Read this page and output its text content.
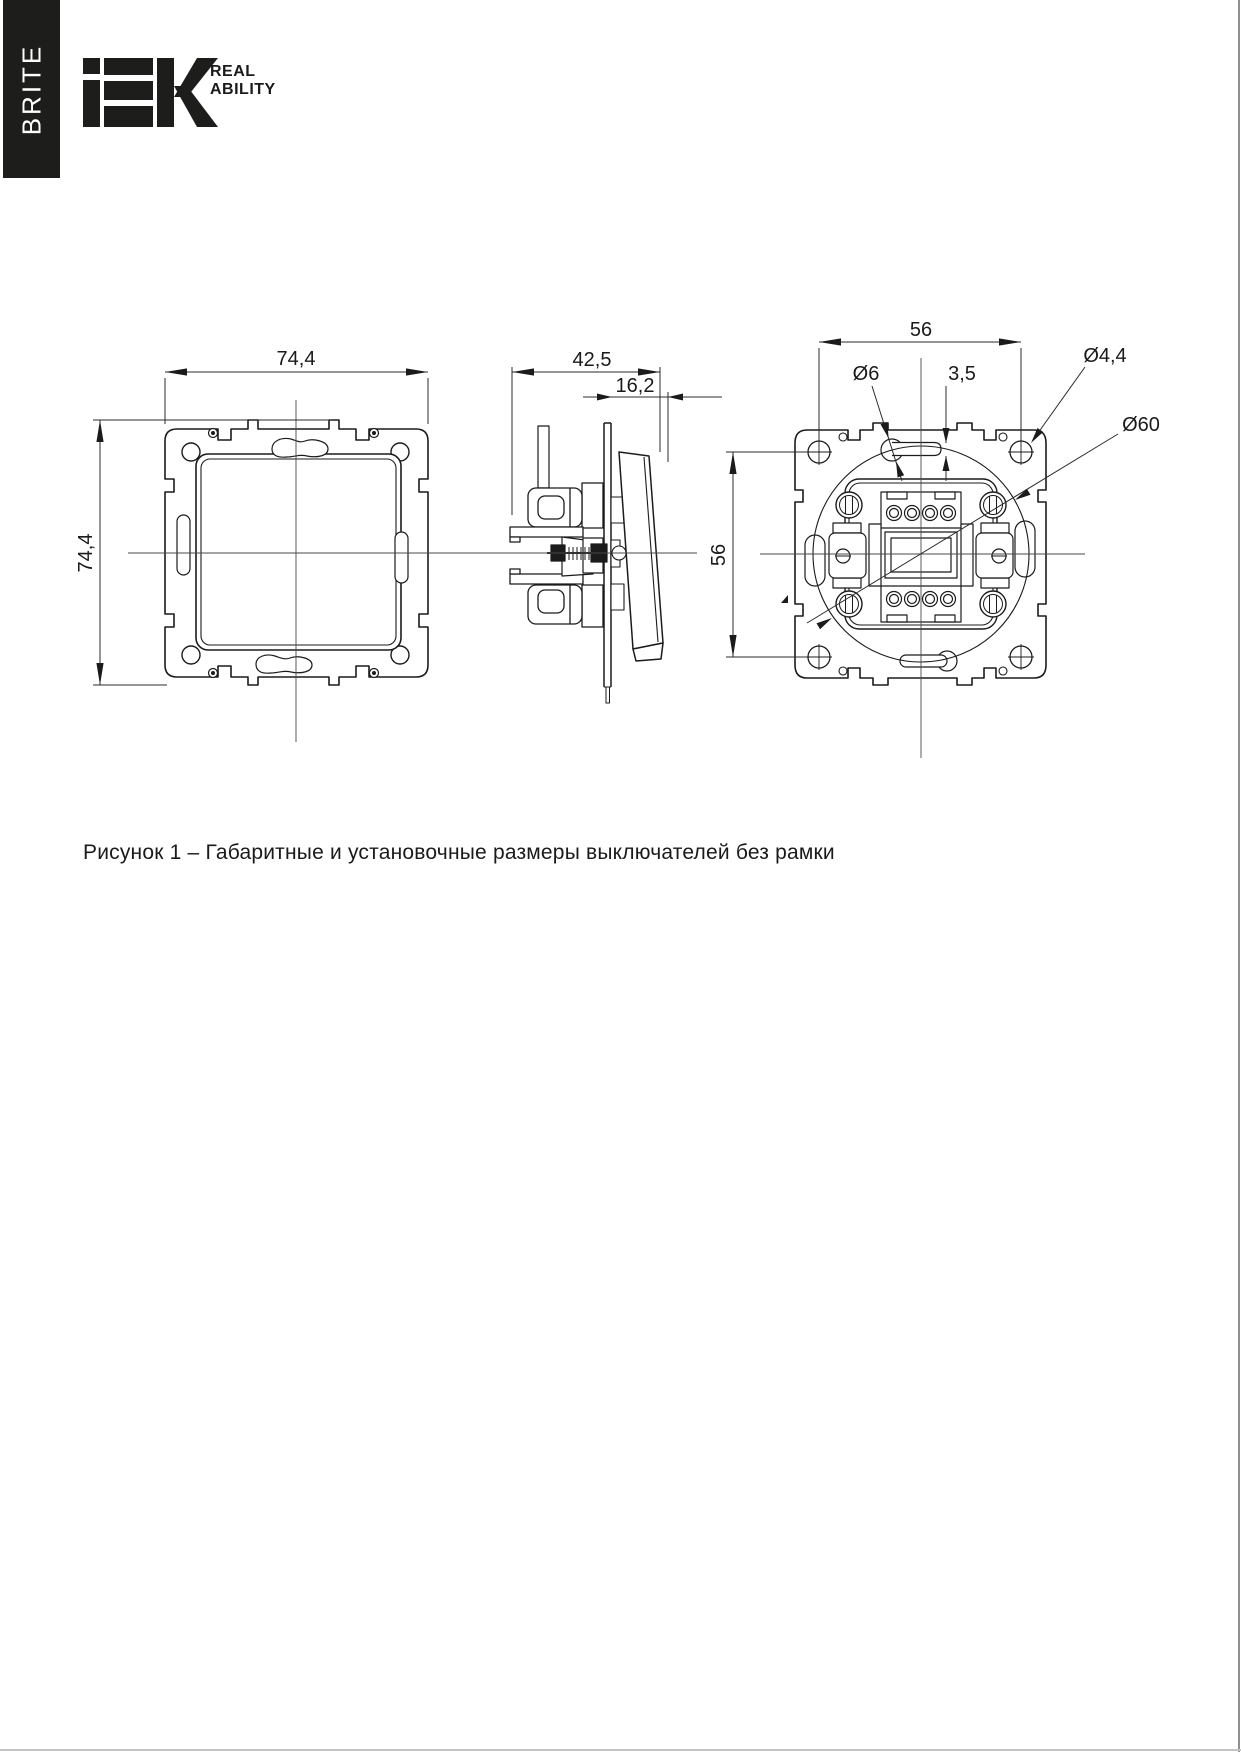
BRITE	REAL
ABILITY
74,4
74,4
42,5
16,2
56
56
Ø6	3,5
Ø4,4
Ø60
Рисунок 1 – Габаритные и установочные размеры выключателей без рамки
